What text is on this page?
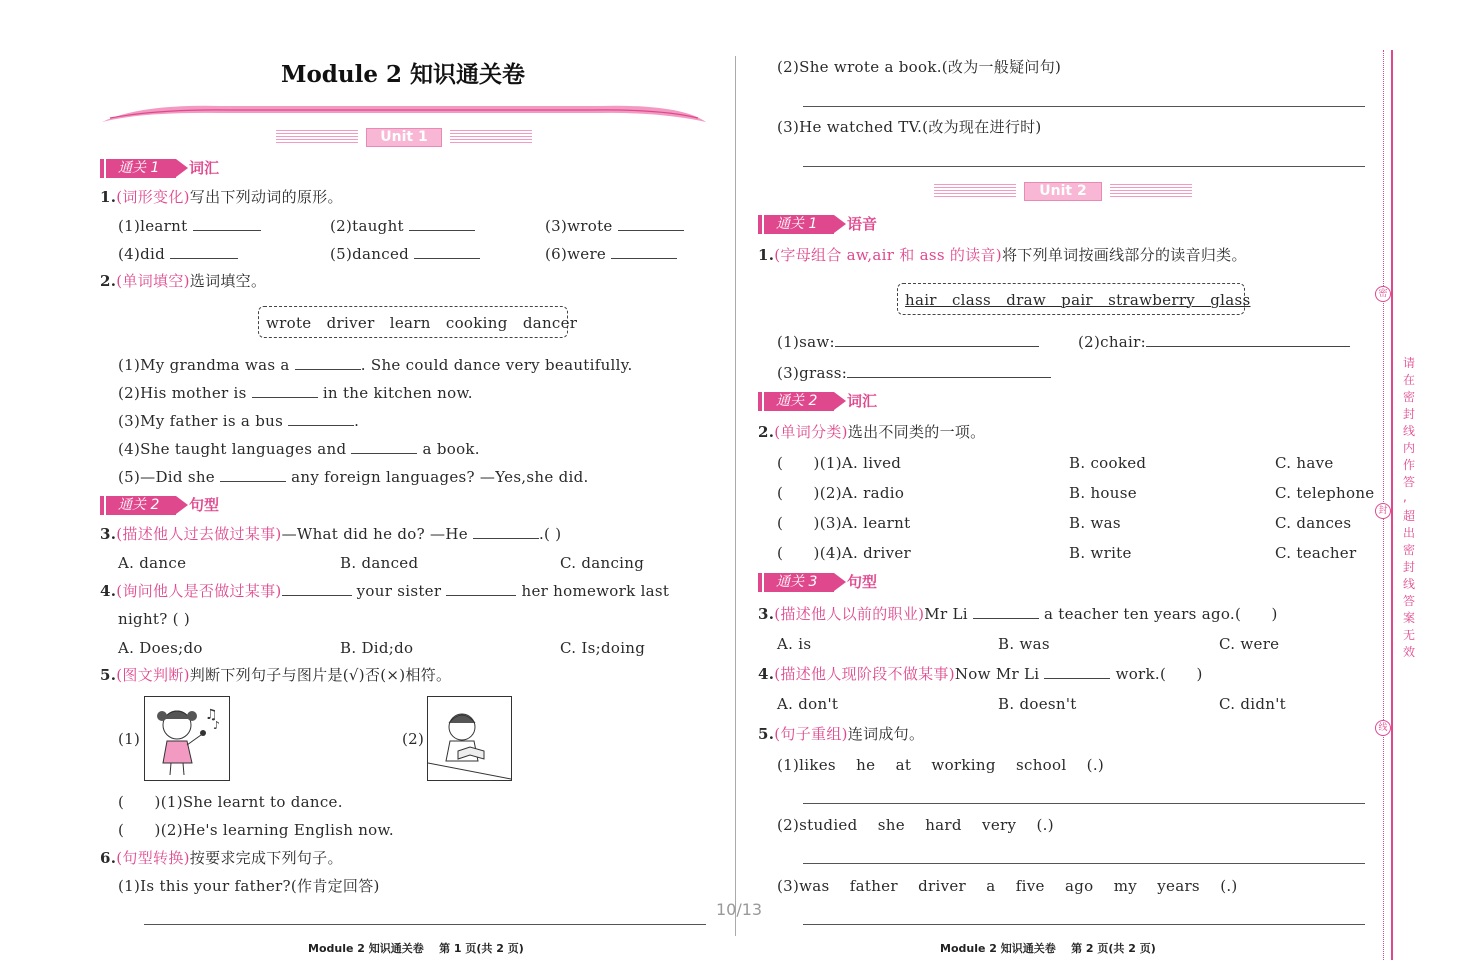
Module 2 知识通关卷
Unit 1
通关 1	词汇
1.(词形变化)写出下列动词的原形。
(1)learnt	(2)taught	(3)wrote
(4)did	(5)danced	(6)were
2.(单词填空)选词填空。
wrote   driver   learn   cooking   dancer
(1)My grandma was a	. She could dance very beautifully.
(2)His mother is	in the kitchen now.
(3)My father is a bus	.
(4)She taught languages and	a book.
(5)—Did she	any foreign languages? —Yes,she did.
通关 2	句型
3.(描述他人过去做过某事)—What did he do? —He	.( )
A. dance	B. danced	C. dancing
4.(询问他人是否做过某事)	your sister	her homework last
night? ( )
A. Does;do	B. Did;do	C. Is;doing
5.(图文判断)判断下列句子与图片是(√)否(×)相符。
(1)
♫
♪
(2)
(      )(1)She learnt to dance.
(      )(2)He's learning English now.
6.(句型转换)按要求完成下列句子。
(1)Is this your father?(作肯定回答)
Module 2 知识通关卷    第 1 页(共 2 页)
10/13
(2)She wrote a book.(改为一般疑问句)
(3)He watched TV.(改为现在进行时)
Unit 2
通关 1	语音
1.(字母组合 aw,air 和 ass 的读音)将下列单词按画线部分的读音归类。
hair   class   draw   pair   strawberry   glass
(1)saw:	(2)chair:
(3)grass:
通关 2	词汇
2.(单词分类)选出不同类的一项。
(      )(1)A. lived	B. cooked	C. have
(      )(2)A. radio	B. house	C. telephone
(      )(3)A. learnt	B. was	C. dances
(      )(4)A. driver	B. write	C. teacher
通关 3	句型
3.(描述他人以前的职业)Mr Li	a teacher ten years ago.(      )
A. is	B. was	C. were
4.(描述他人现阶段不做某事)Now Mr Li	work.(      )
A. don't	B. doesn't	C. didn't
5.(句子重组)连词成句。
(1)likes    he    at    working    school    (.)
(2)studied    she    hard    very    (.)
(3)was    father    driver    a    five    ago    my    years    (.)
Module 2 知识通关卷    第 2 页(共 2 页)
密
封
线
请
在
密
封
线
内
作
答
,
超
出
密
封
线
答
案
无
效
